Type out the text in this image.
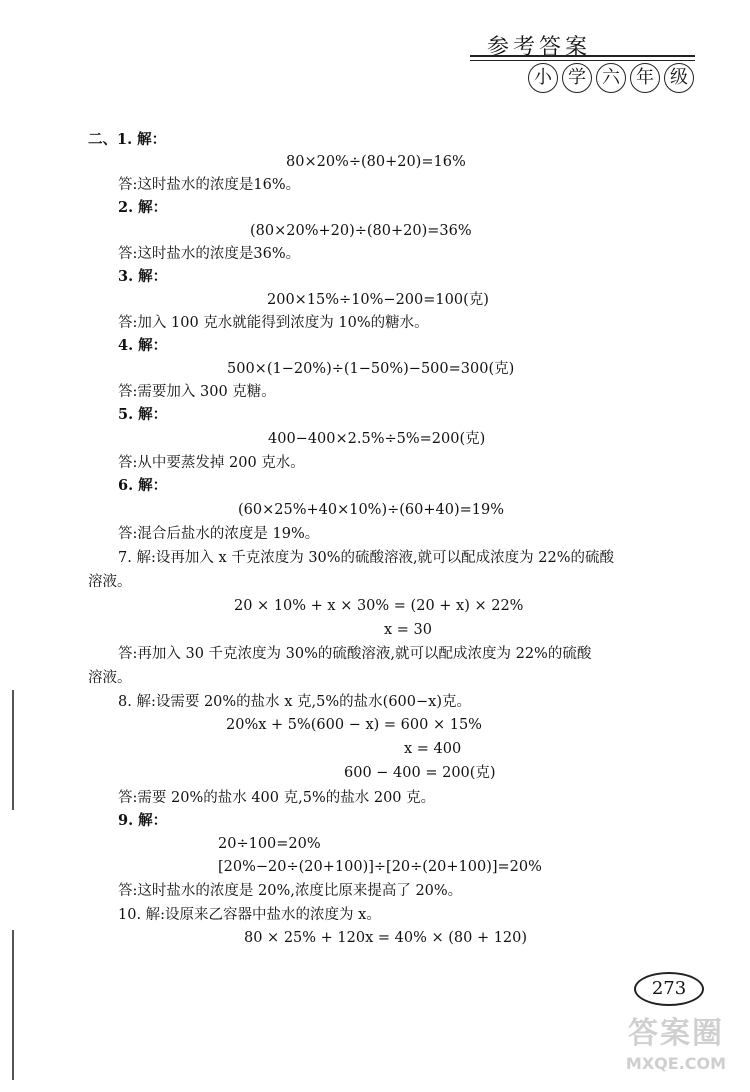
参考答案
小 学 六 年 级
二、1. 解：
80×20%÷(80+20)=16%
答:这时盐水的浓度是16%。
2. 解：
(80×20%+20)÷(80+20)=36%
答:这时盐水的浓度是36%。
3. 解：
200×15%÷10%−200=100(克)
答:加入 100 克水就能得到浓度为 10%的糖水。
4. 解：
500×(1−20%)÷(1−50%)−500=300(克)
答:需要加入 300 克糖。
5. 解：
400−400×2.5%÷5%=200(克)
答:从中要蒸发掉 200 克水。
6. 解：
(60×25%+40×10%)÷(60+40)=19%
答:混合后盐水的浓度是 19%。
7. 解:设再加入 x 千克浓度为 30%的硫酸溶液,就可以配成浓度为 22%的硫酸
溶液。
20 × 10% + x × 30% = (20 + x) × 22%
x = 30
答:再加入 30 千克浓度为 30%的硫酸溶液,就可以配成浓度为 22%的硫酸
溶液。
8. 解:设需要 20%的盐水 x 克,5%的盐水(600−x)克。
20%x + 5%(600 − x) = 600 × 15%
x = 400
600 − 400 = 200(克)
答:需要 20%的盐水 400 克,5%的盐水 200 克。
9. 解：
20÷100=20%
[20%−20÷(20+100)]÷[20÷(20+100)]=20%
答:这时盐水的浓度是 20%,浓度比原来提高了 20%。
10. 解:设原来乙容器中盐水的浓度为 x。
80 × 25% + 120x = 40% × (80 + 120)
273
答案圈
MXQE.COM
